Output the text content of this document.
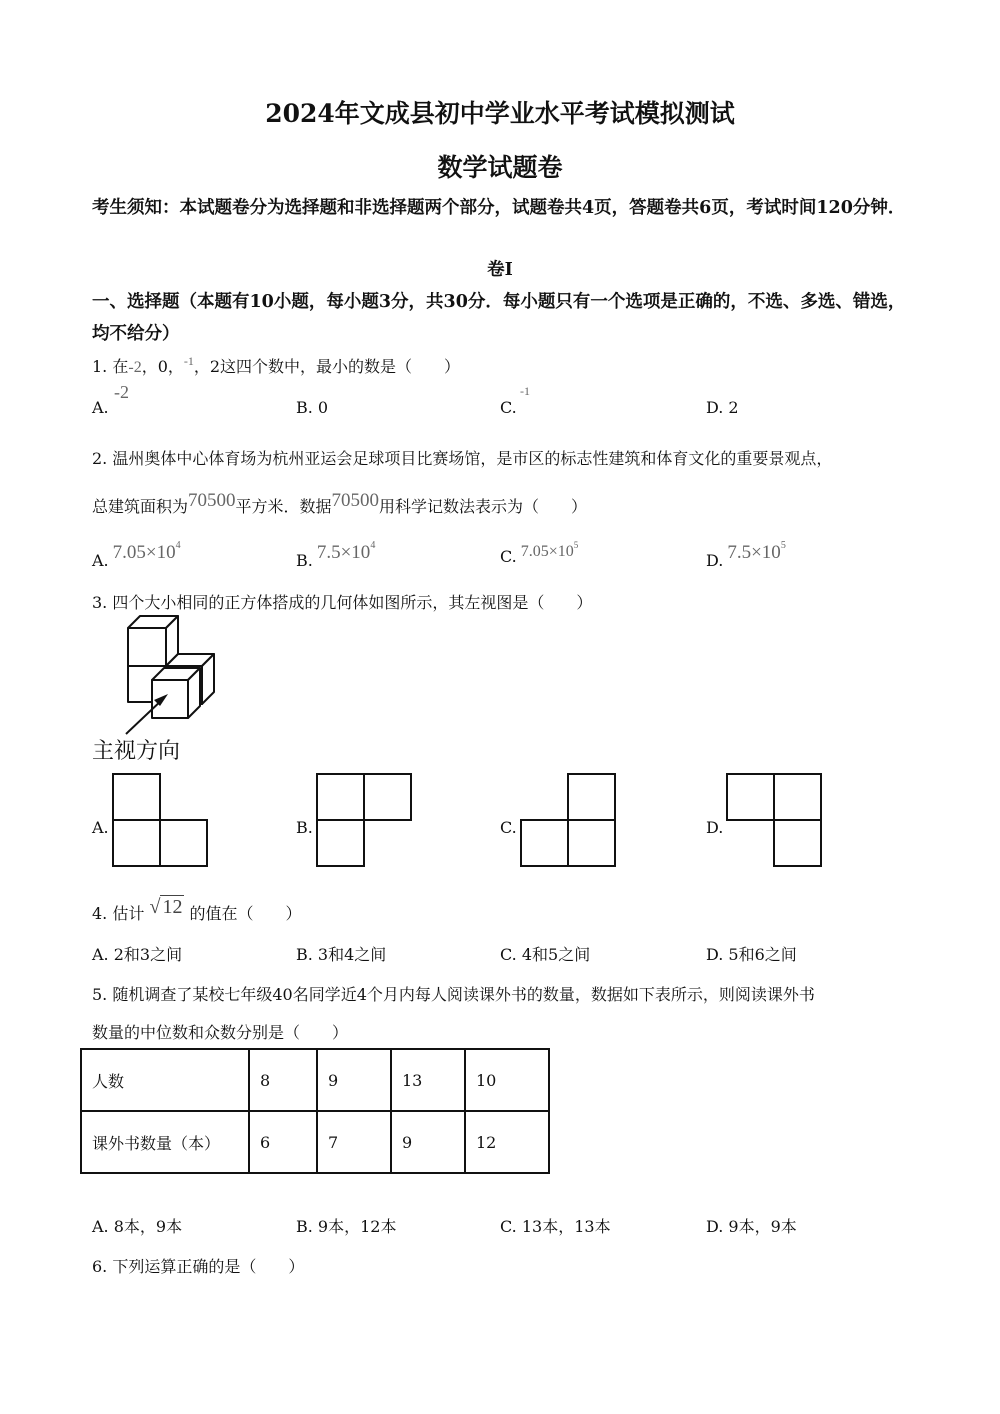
2024年文成县初中学业水平考试模拟测试
数学试题卷
考生须知：本试题卷分为选择题和非选择题两个部分，试题卷共4页，答题卷共6页，考试时间120分钟．
卷Ⅰ
一、选择题（本题有10小题，每小题3分，共30分．每小题只有一个选项是正确的，不选、多选、错选，均不给分）
1. 在-2，0，$^{-1}$，2这四个数中，最小的数是（　　）
A.
-2
B. 0	C.
-1
D. 2
2. 温州奥体中心体育场为杭州亚运会足球项目比赛场馆，是市区的标志性建筑和体育文化的重要景观点，
总建筑面积为70500平方米．数据70500用科学记数法表示为（　　）
A. $7.05\times 10^4$
B. $7.5\times 10^4$
C. $7.05\times 10^5$
D. $7.5\times 10^5$
3. 四个大小相同的正方体搭成的几何体如图所示，其左视图是（　　）
主视方向
A.	B.	C.	D.
4. 估计 √ 12 的值在（　　）
A. 2和3之间	B. 3和4之间	C. 4和5之间	D. 5和6之间
5. 随机调查了某校七年级40名同学近4个月内每人阅读课外书的数量，数据如下表所示，则阅读课外书
数量的中位数和众数分别是（　　）
人数	8	9	13	10
课外书数量（本）	6	7	9	12
A. 8本，9本	B. 9本，12本	C. 13本，13本	D. 9本，9本
6. 下列运算正确的是（　　）
